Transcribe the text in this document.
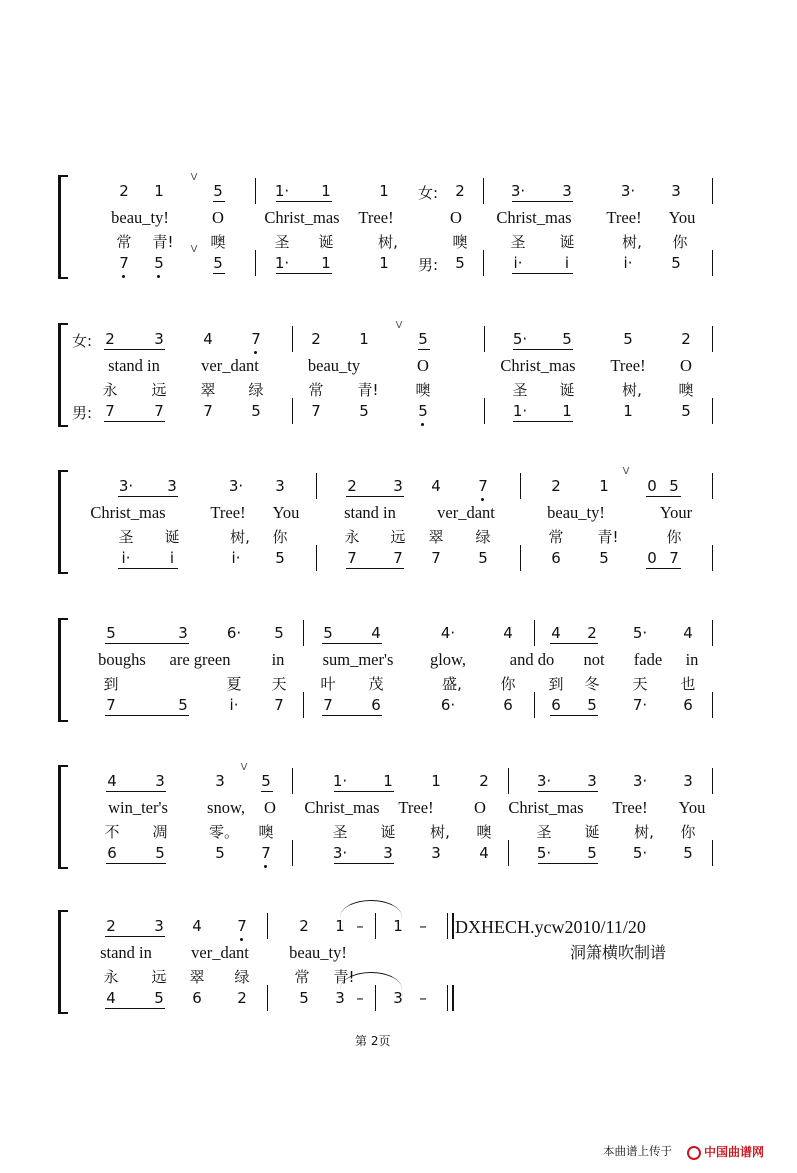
2 1
V
5	1· 1	1 女: 2	3· 3	3· 3
beau_ty!	O Christ_mas Tree!	O Christ_mas Tree! You
常 青! 噢	圣 诞	树,	噢	圣 诞	树, 你
7 5
V
5	1· 1	1 男: 5	i·	i	i·	5
女: 2	3	4	7	2	1
V
5	5· 5	5	2
stand in ver_dant	beau_ty	O	Christ_mas Tree! O
永 远 翠 绿	常 青! 噢	圣 诞	树, 噢
男: 7	7	7	5	7	5	5	1· 1	1	5
3· 3	3· 3	2 3 4 7	2	1
V
0 5
Christ_mas	Tree! You	stand in ver_dant	beau_ty!	Your
圣 诞	树, 你	永 远 翠 绿	常 青!	你
i·	i	i· 5	7 7 7 5	6	5	0 7
5	3	6· 5	5	4	4·	4	4 2 5· 4
boughs are green in sum_mer's glow,	and do not fade in
到	夏 天 叶 茂	盛,	你 到 冬 天 也
7	5	i· 7	7	6	6·	6	6 5 7· 6
4	3	3
V
5	1· 1	1	2	3· 3 3· 3
win_ter's snow, O Christ_mas Tree! O Christ_mas Tree! You
不 凋	零。 噢	圣 诞 树, 噢	圣 诞 树, 你
6	5	5 7	3· 3	3	4	5· 5 5· 5
2	3 4 7	2 1 – 1 –
stand in ver_dant beau_ty!
永 远 翠 绿	常 青!
4	5 6 2	5 3 – 3 –
DXHECH.ycw2010/11/20
洞箫横吹制谱
第 2页
本曲谱上传于	中国曲谱网
